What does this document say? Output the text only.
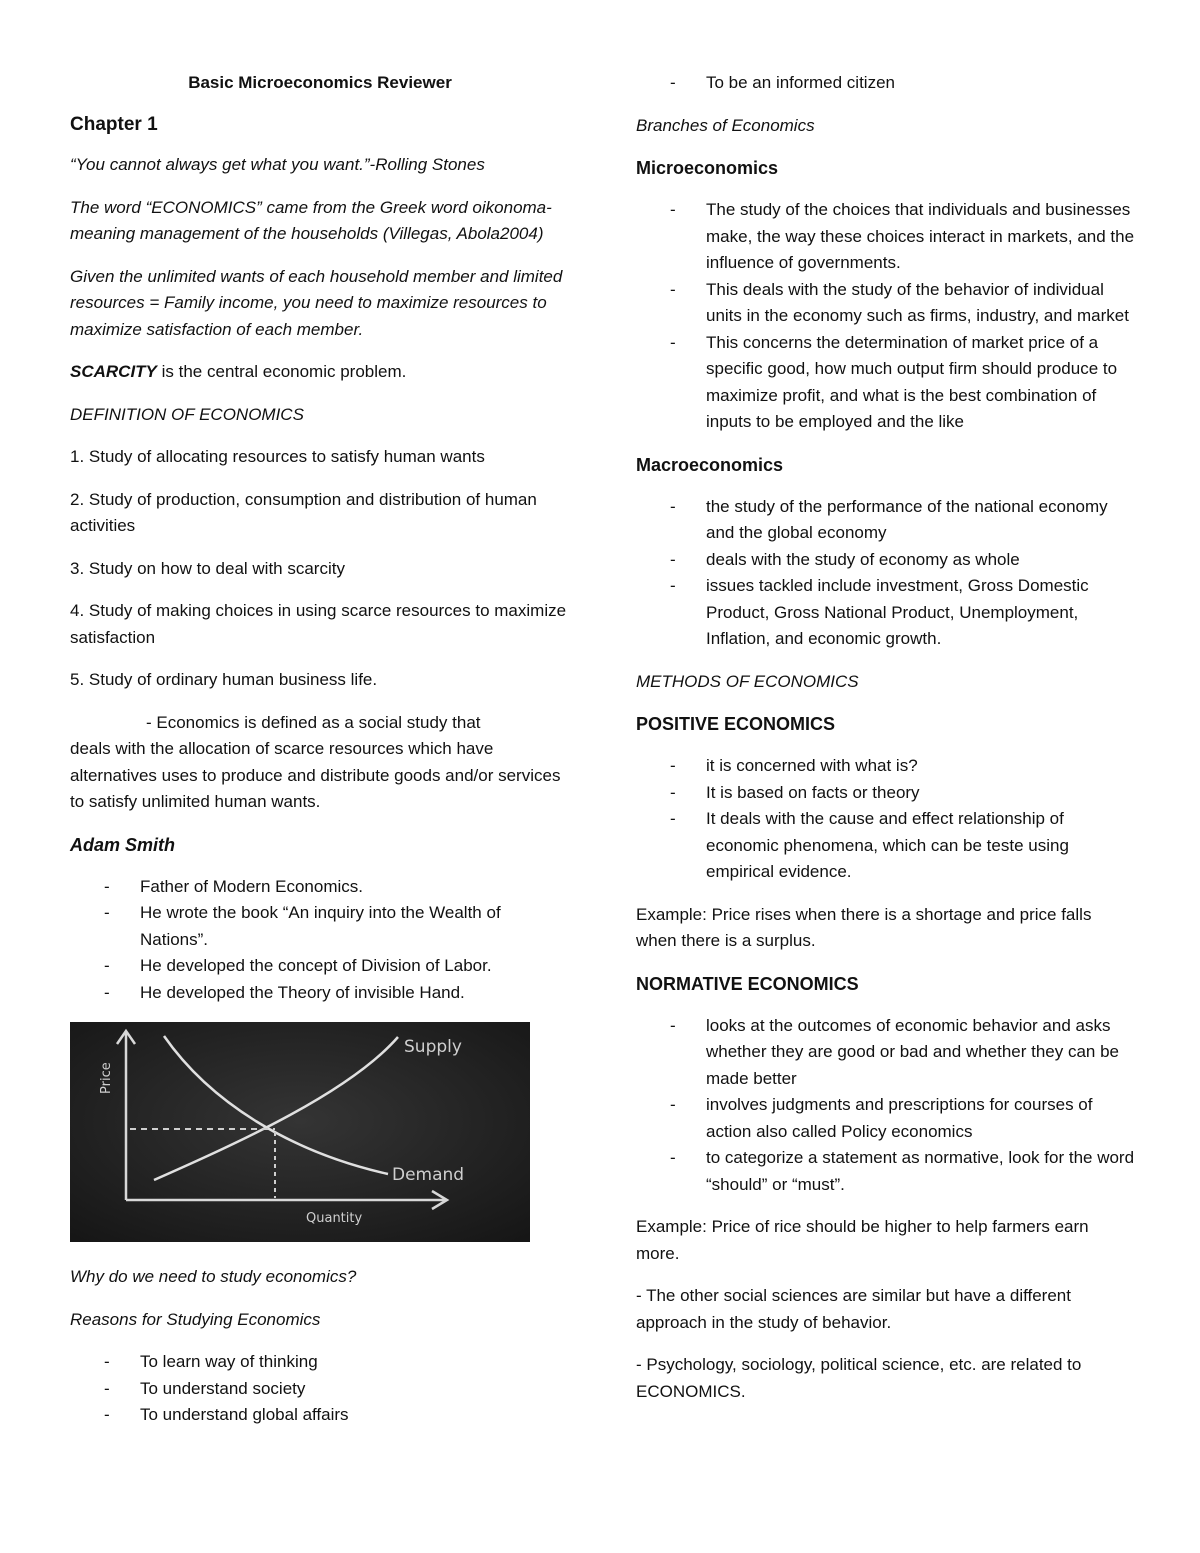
Basic Microeconomics Reviewer

Chapter 1

“You cannot always get what you want.”-Rolling Stones

The word “ECONOMICS” came from the Greek word oikonoma-meaning management of the households (Villegas, Abola2004)

Given the unlimited wants of each household member and limited resources = Family income, you need to maximize resources to maximize satisfaction of each member.

SCARCITY is the central economic problem.

DEFINITION OF ECONOMICS

1. Study of allocating resources to satisfy human wants

2. Study of production, consumption and distribution of human activities

3. Study on how to deal with scarcity

4. Study of making choices in using scarce resources to maximize satisfaction

5. Study of ordinary human business life.

- Economics is defined as a social study that
deals with the allocation of scarce resources which have alternatives uses to produce and distribute goods and/or services to satisfy unlimited human wants.

Adam Smith
- Father of Modern Economics.
- He wrote the book “An inquiry into the Wealth of Nations”.
- He developed the concept of Division of Labor.
- He developed the Theory of invisible Hand.
Supply
Demand
Price
Quantity

Why do we need to study economics?

Reasons for Studying Economics

- To learn way of thinking
- To understand society
- To understand global affairs
- To be an informed citizen

Branches of Economics

Microeconomics
- The study of the choices that individuals and businesses make, the way these choices interact in markets, and the influence of governments.
- This deals with the study of the behavior of individual units in the economy such as firms, industry, and market
- This concerns the determination of market price of a specific good, how much output firm should produce to maximize profit, and what is the best combination of inputs to be employed and the like
Macroeconomics
- the study of the performance of the national economy and the global economy
- deals with the study of economy as whole
- issues tackled include investment, Gross Domestic Product, Gross National Product, Unemployment, Inflation, and economic growth.

METHODS OF ECONOMICS

POSITIVE ECONOMICS
- it is concerned with what is?
- It is based on facts or theory
- It deals with the cause and effect relationship of economic phenomena, which can be teste using empirical evidence.

Example: Price rises when there is a shortage and price falls when there is a surplus.

NORMATIVE ECONOMICS
- looks at the outcomes of economic behavior and asks whether they are good or bad and whether they can be made better
- involves judgments and prescriptions for courses of action also called Policy economics
- to categorize a statement as normative, look for the word “should” or “must”.

Example: Price of rice should be higher to help farmers earn more.

- The other social sciences are similar but have a different approach in the study of behavior.

- Psychology, sociology, political science, etc. are related to ECONOMICS.
